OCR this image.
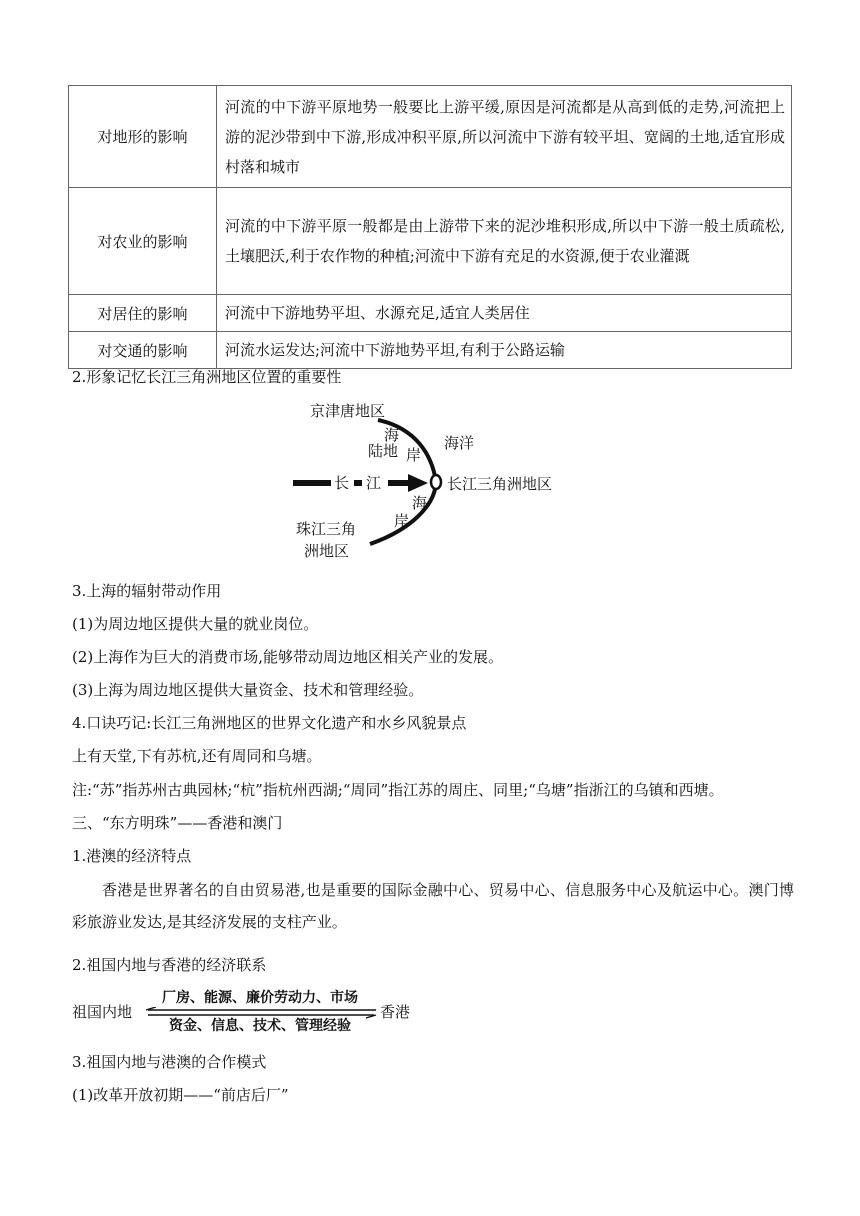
对地形的影响	河流的中下游平原地势一般要比上游平缓,原因是河流都是从高到低的走势,河流把上游的泥沙带到中下游,形成冲积平原,所以河流中下游有较平坦、宽阔的土地,适宜形成村落和城市
对农业的影响	河流的中下游平原一般都是由上游带下来的泥沙堆积形成,所以中下游一般土质疏松,土壤肥沃,利于农作物的种植;河流中下游有充足的水资源,便于农业灌溉
对居住的影响	河流中下游地势平坦、水源充足,适宜人类居住
对交通的影响	河流水运发达;河流中下游地势平坦,有利于公路运输
2.形象记忆长江三角洲地区位置的重要性
京津唐地区
海	海洋
陆地 岸
长 江	长江三角洲地区
海
岸
珠江三角
洲地区
3.上海的辐射带动作用
(1)为周边地区提供大量的就业岗位。
(2)上海作为巨大的消费市场,能够带动周边地区相关产业的发展。
(3)上海为周边地区提供大量资金、技术和管理经验。
4.口诀巧记:长江三角洲地区的世界文化遗产和水乡风貌景点
上有天堂,下有苏杭,还有周同和乌塘。
注:“苏”指苏州古典园林;“杭”指杭州西湖;“周同”指江苏的周庄、同里;“乌塘”指浙江的乌镇和西塘。
三、“东方明珠”——香港和澳门
1.港澳的经济特点
香港是世界著名的自由贸易港,也是重要的国际金融中心、贸易中心、信息服务中心及航运中心。澳门博彩旅游业发达,是其经济发展的支柱产业。
2.祖国内地与香港的经济联系
祖国内地
厂房、能源、廉价劳动力、市场
资金、信息、技术、管理经验
香港
3.祖国内地与港澳的合作模式
(1)改革开放初期——“前店后厂”
